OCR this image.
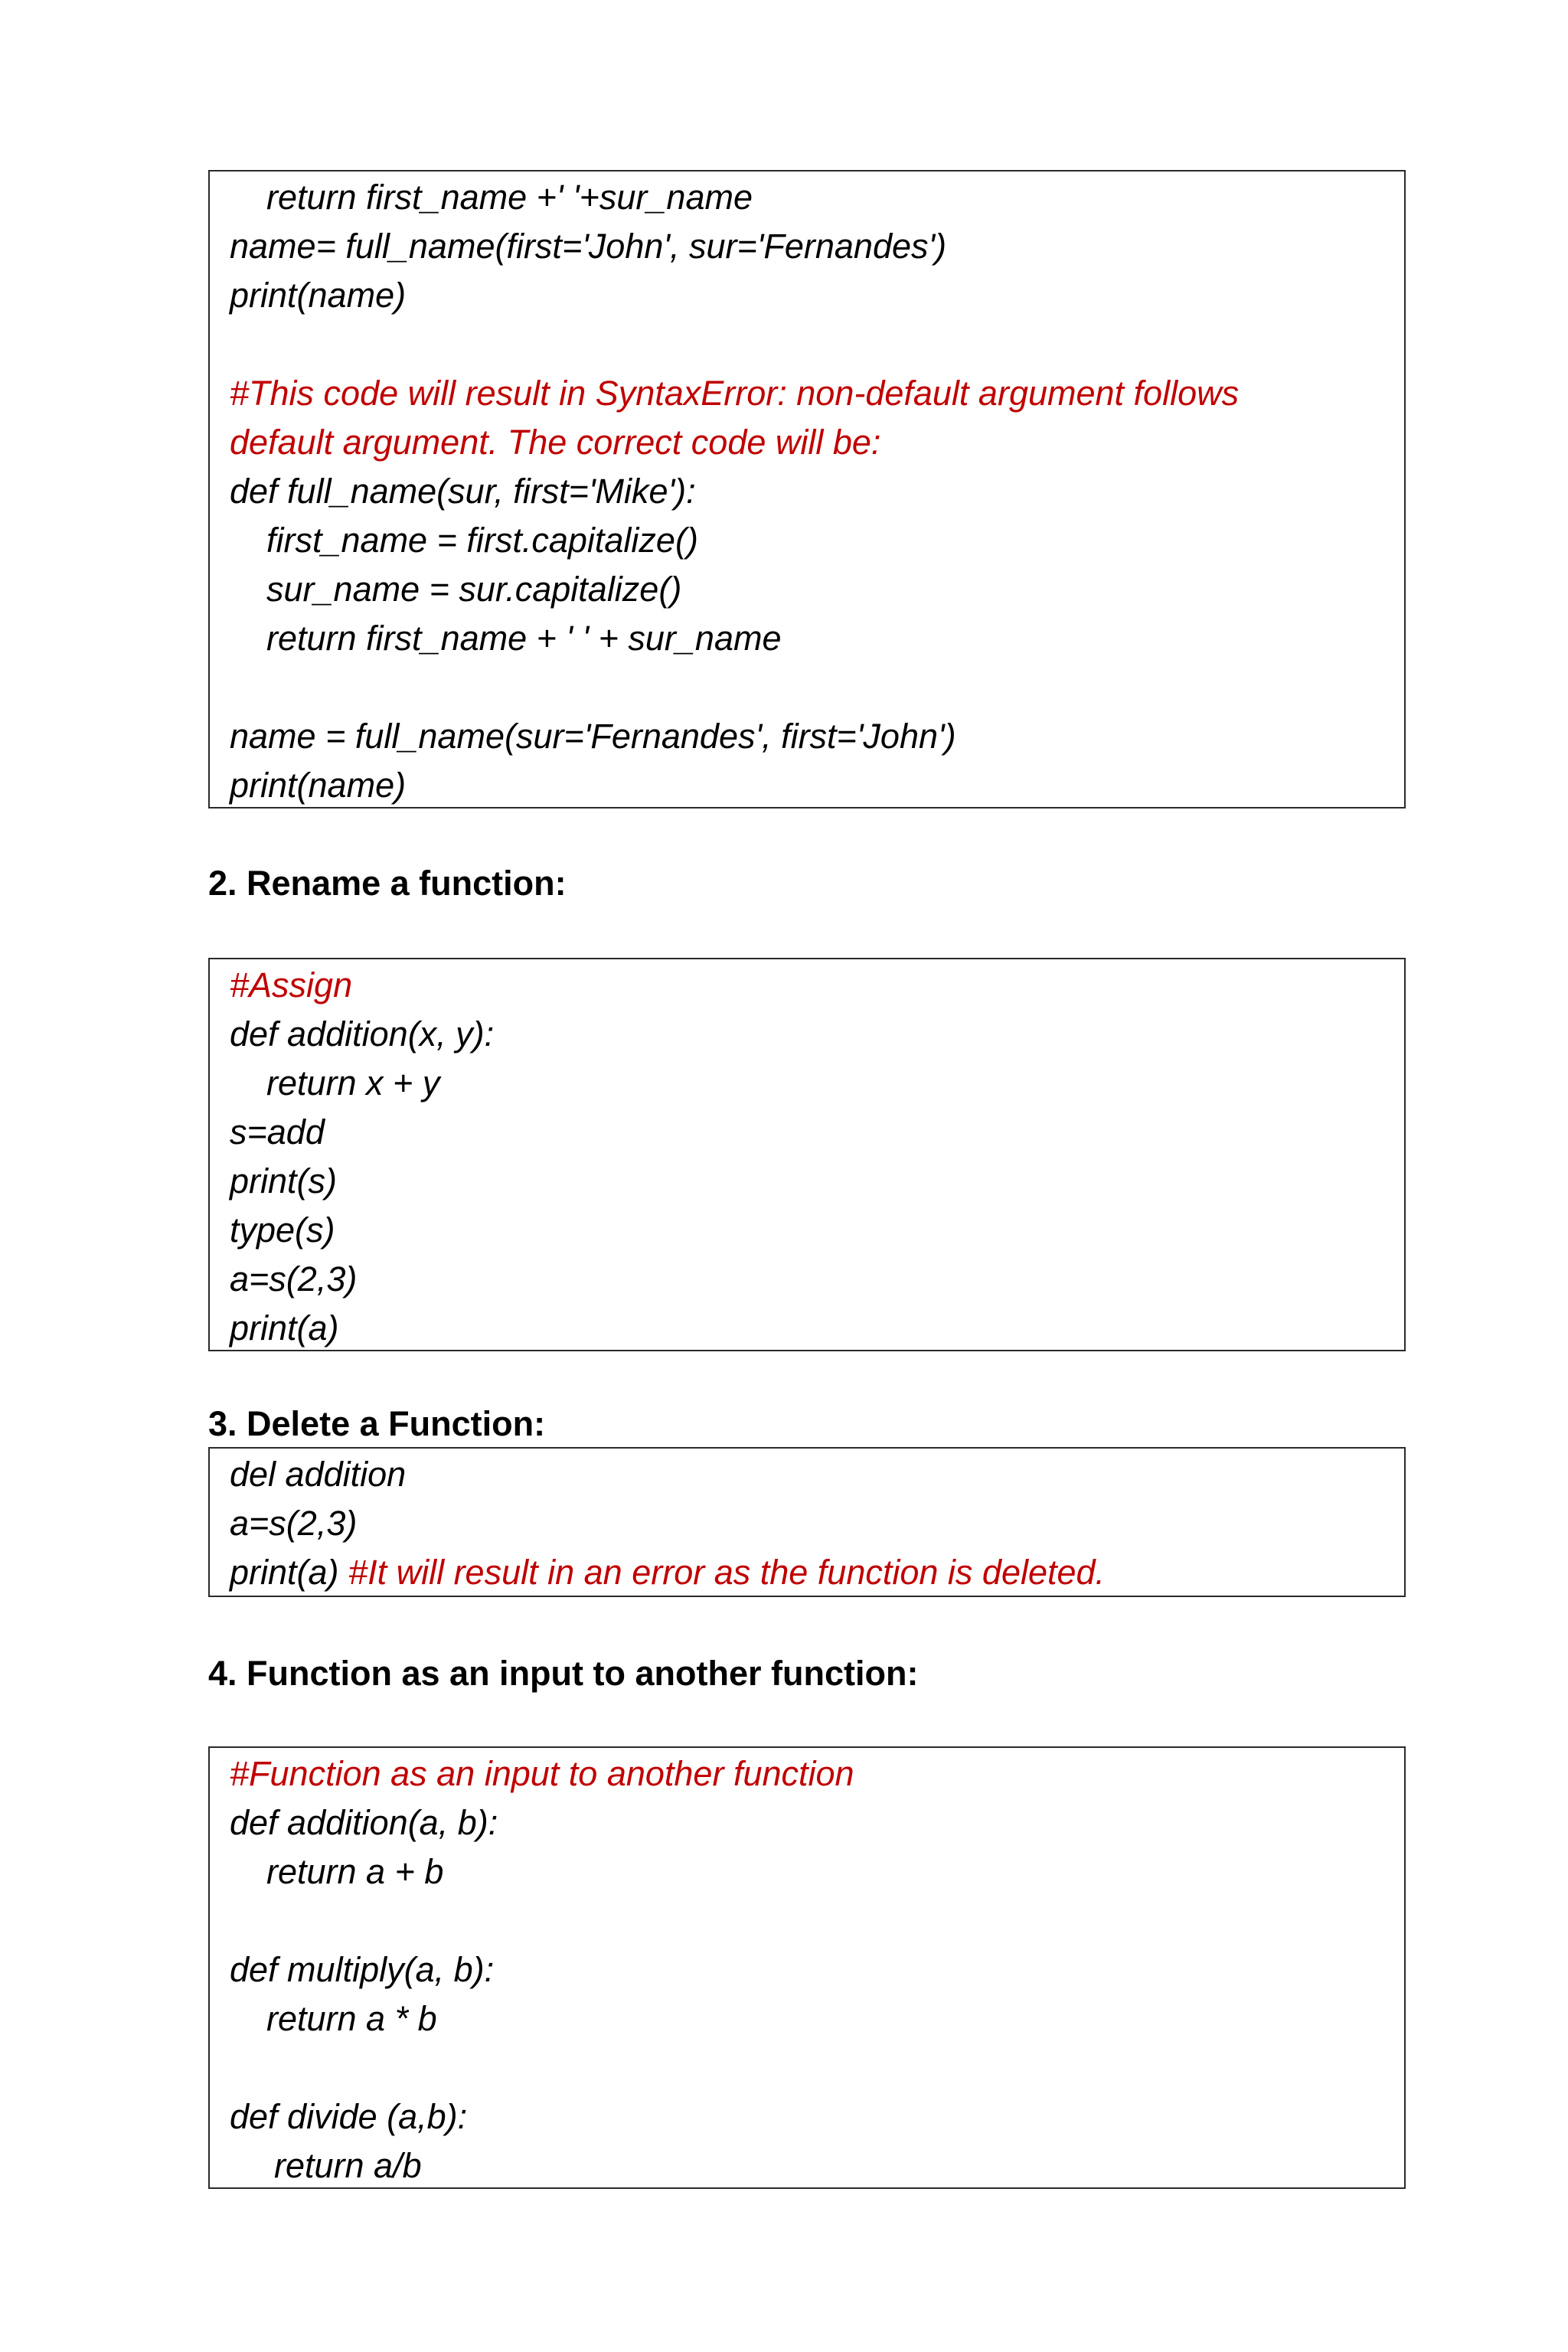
return first_name +' '+sur_name
name= full_name(first='John', sur='Fernandes')
print(name)
#This code will result in SyntaxError: non-default argument follows
default argument. The correct code will be:
def full_name(sur, first='Mike'):
first_name = first.capitalize()
sur_name = sur.capitalize()
return first_name + ' ' + sur_name
name = full_name(sur='Fernandes', first='John')
print(name)
2. Rename a function:
#Assign
def addition(x, y):
return x + y
s=add
print(s)
type(s)
a=s(2,3)
print(a)
3. Delete a Function:
del addition
a=s(2,3)
print(a) #It will result in an error as the function is deleted.
4. Function as an input to another function:
#Function as an input to another function
def addition(a, b):
return a + b
def multiply(a, b):
return a * b
def divide (a,b):
return a/b
